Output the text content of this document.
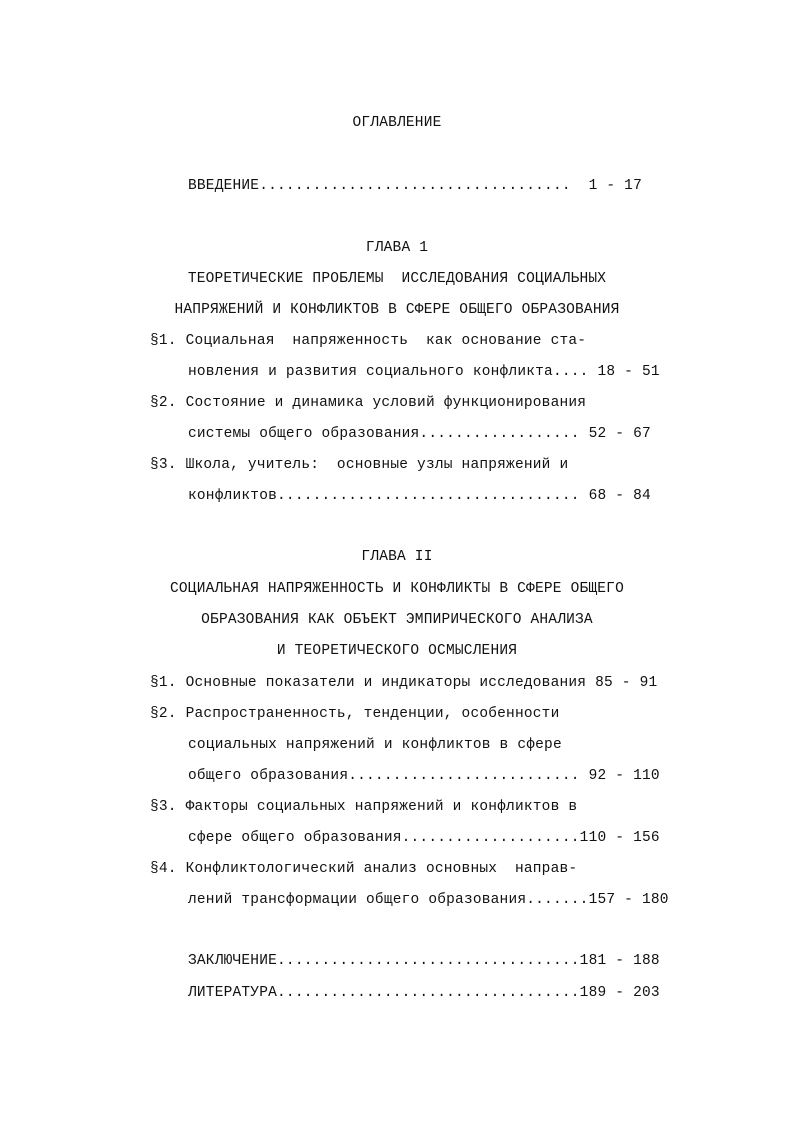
ОГЛАВЛЕНИЕ
ВВЕДЕНИЕ...................................  1 - 17
ГЛАВА 1
ТЕОРЕТИЧЕСКИЕ ПРОБЛЕМЫ  ИССЛЕДОВАНИЯ СОЦИАЛЬНЫХ
НАПРЯЖЕНИЙ И КОНФЛИКТОВ В СФЕРЕ ОБЩЕГО ОБРАЗОВАНИЯ
§1. Социальная  напряженность  как основание ста-
новления и развития социального конфликта.... 18 - 51
§2. Состояние и динамика условий функционирования
системы общего образования.................. 52 - 67
§3. Школа, учитель:  основные узлы напряжений и
конфликтов.................................. 68 - 84
ГЛАВА II
СОЦИАЛЬНАЯ НАПРЯЖЕННОСТЬ И КОНФЛИКТЫ В СФЕРЕ ОБЩЕГО
ОБРАЗОВАНИЯ КАК ОБЪЕКТ ЭМПИРИЧЕСКОГО АНАЛИЗА
И ТЕОРЕТИЧЕСКОГО ОСМЫСЛЕНИЯ
§1. Основные показатели и индикаторы исследования 85 - 91
§2. Распространенность, тенденции, особенности
социальных напряжений и конфликтов в сфере
общего образования.......................... 92 - 110
§3. Факторы социальных напряжений и конфликтов в
сфере общего образования....................110 - 156
§4. Конфликтологический анализ основных  направ-
лений трансформации общего образования.......157 - 180
ЗАКЛЮЧЕНИЕ..................................181 - 188
ЛИТЕРАТУРА..................................189 - 203
